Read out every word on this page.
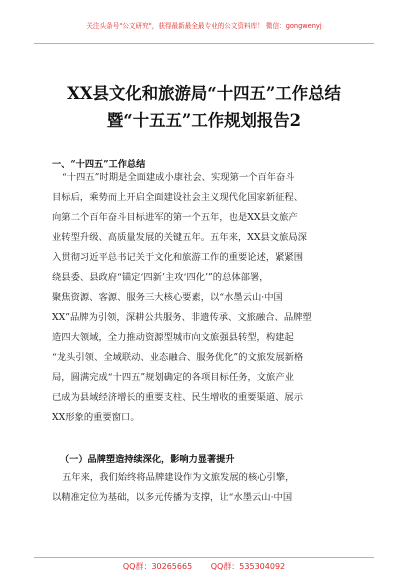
关注头条号"公文研究"，获得最新最全最专业的公文资料库！ 微信：gongwenyj
XX县文化和旅游局“十四五”工作总结
暨“十五五”工作规划报告2
一、“十四五”工作总结
“十四五”时期是全面建成小康社会、实现第一个百年奋斗
目标后，乘势而上开启全面建设社会主义现代化国家新征程、
向第二个百年奋斗目标进军的第一个五年，也是XX县文旅产
业转型升级、高质量发展的关键五年。五年来，XX县文旅局深
入贯彻习近平总书记关于文化和旅游工作的重要论述，紧紧围
绕县委、县政府“锚定‘四新’主攻‘四化’”的总体部署，
聚焦资源、客源、服务三大核心要素，以“水墨云山·中国
XX”品牌为引领，深耕公共服务、非遗传承、文旅融合、品牌塑
造四大领域，全力推动资源型城市向文旅强县转型，构建起
“龙头引领、全域联动、业态融合、服务优化”的文旅发展新格
局，圆满完成“十四五”规划确定的各项目标任务，文旅产业
已成为县域经济增长的重要支柱、民生增收的重要渠道、展示
XX形象的重要窗口。
（一）品牌塑造持续深化，影响力显著提升
五年来，我们始终将品牌建设作为文旅发展的核心引擎，
以精准定位为基础，以多元传播为支撑，让“水墨云山·中国
QQ群：30265665 QQ群：535304092
